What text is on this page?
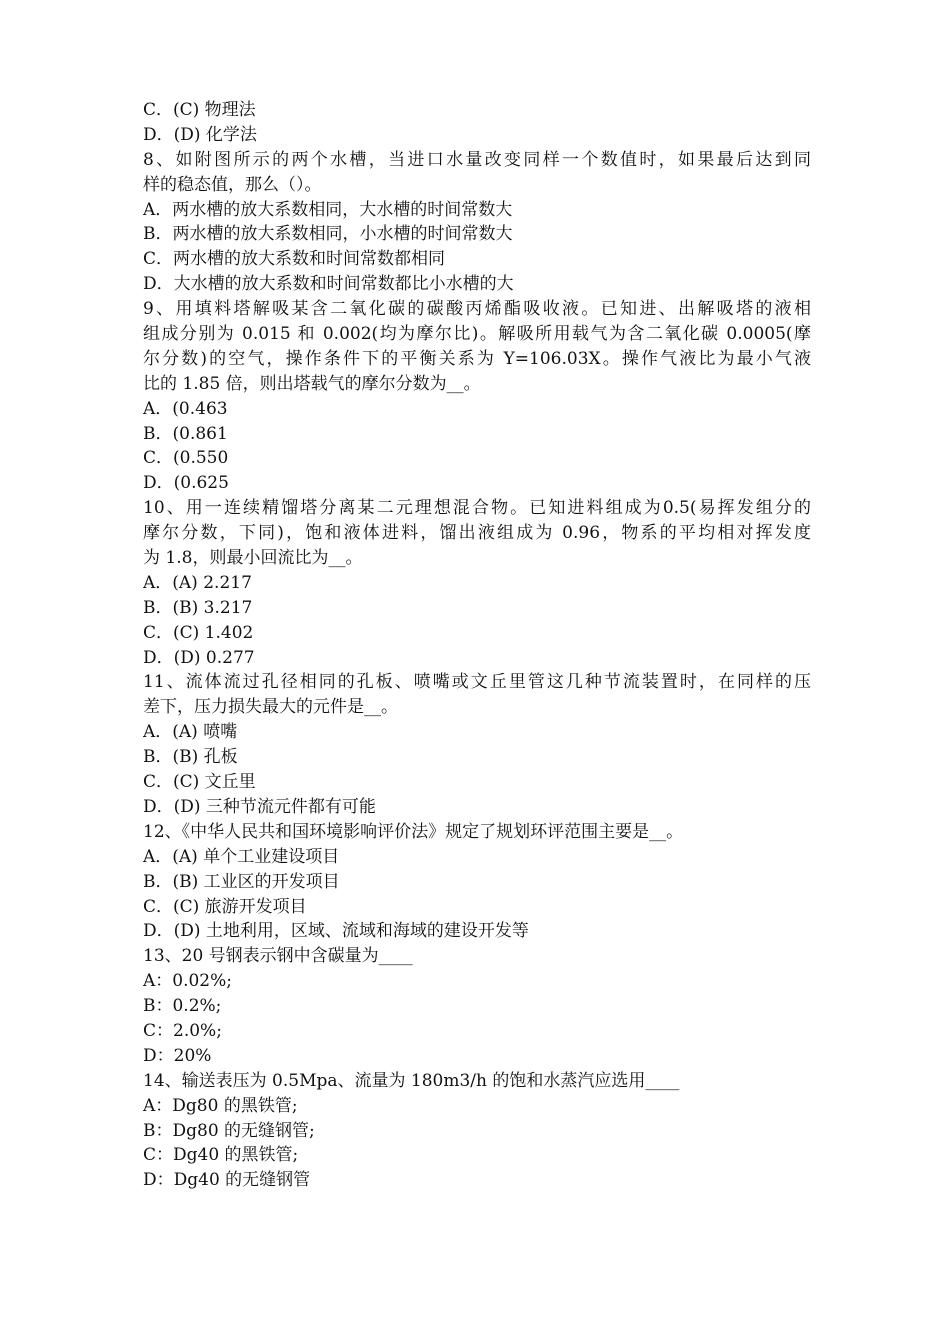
C．(C) 物理法
D．(D) 化学法
8、如附图所示的两个水槽，当进口水量改变同样一个数值时，如果最后达到同
样的稳态值，那么（）。
A．两水槽的放大系数相同，大水槽的时间常数大
B．两水槽的放大系数相同，小水槽的时间常数大
C．两水槽的放大系数和时间常数都相同
D．大水槽的放大系数和时间常数都比小水槽的大
9、用填料塔解吸某含二氧化碳的碳酸丙烯酯吸收液。已知进、出解吸塔的液相
组成分别为 0.015 和 0.002(均为摩尔比)。解吸所用载气为含二氧化碳 0.0005(摩
尔分数)的空气，操作条件下的平衡关系为 Y=106.03X。操作气液比为最小气液
比的 1.85 倍，则出塔载气的摩尔分数为__。
A．(0.463
B．(0.861
C．(0.550
D．(0.625
10、用一连续精馏塔分离某二元理想混合物。已知进料组成为0.5(易挥发组分的
摩尔分数，下同)，饱和液体进料，馏出液组成为 0.96，物系的平均相对挥发度
为 1.8，则最小回流比为__。
A．(A) 2.217
B．(B) 3.217
C．(C) 1.402
D．(D) 0.277
11、流体流过孔径相同的孔板、喷嘴或文丘里管这几种节流装置时，在同样的压
差下，压力损失最大的元件是__。
A．(A) 喷嘴
B．(B) 孔板
C．(C) 文丘里
D．(D) 三种节流元件都有可能
12、《中华人民共和国环境影响评价法》规定了规划环评范围主要是__。
A．(A) 单个工业建设项目
B．(B) 工业区的开发项目
C．(C) 旅游开发项目
D．(D) 土地利用，区域、流域和海域的建设开发等
13、20 号钢表示钢中含碳量为____
A：0.02%;
B：0.2%;
C：2.0%;
D：20%
14、输送表压为 0.5Mpa、流量为 180m3/h 的饱和水蒸汽应选用____
A：Dg80 的黑铁管;
B：Dg80 的无缝钢管;
C：Dg40 的黑铁管;
D：Dg40 的无缝钢管
